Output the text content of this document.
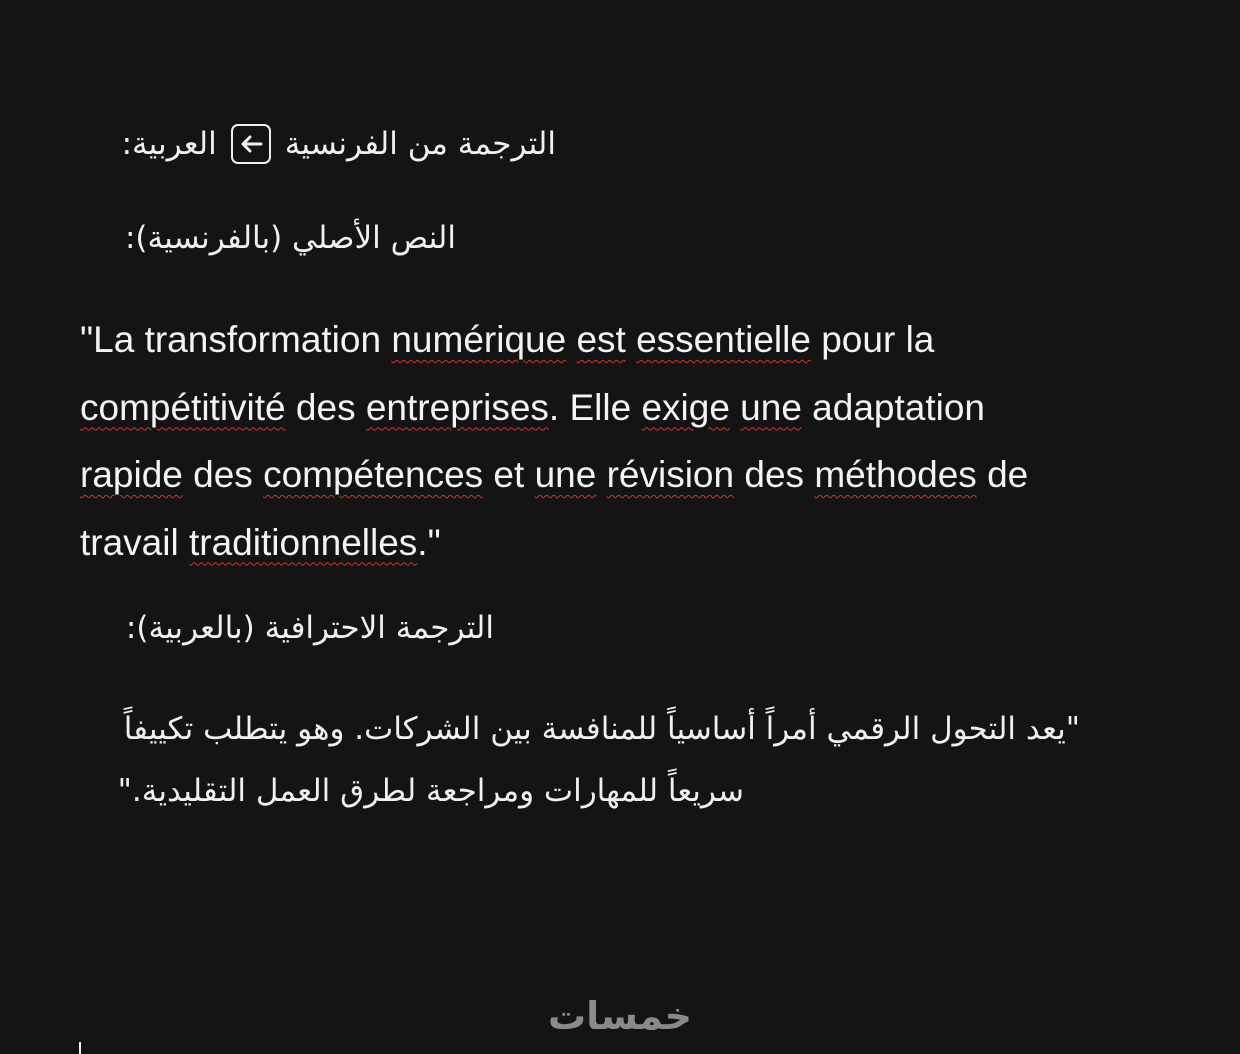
الترجمة من الفرنسية
العربية:
النص الأصلي (بالفرنسية):
"La transformation numérique est essentielle pour la
compétitivité des entreprises. Elle exige une adaptation
rapide des compétences et une révision des méthodes de
travail traditionnelles."
الترجمة الاحترافية (بالعربية):
"يعد التحول الرقمي أمراً أساسياً للمنافسة بين الشركات. وهو يتطلب تكييفاً
سريعاً للمهارات ومراجعة لطرق العمل التقليدية."
خمسات
